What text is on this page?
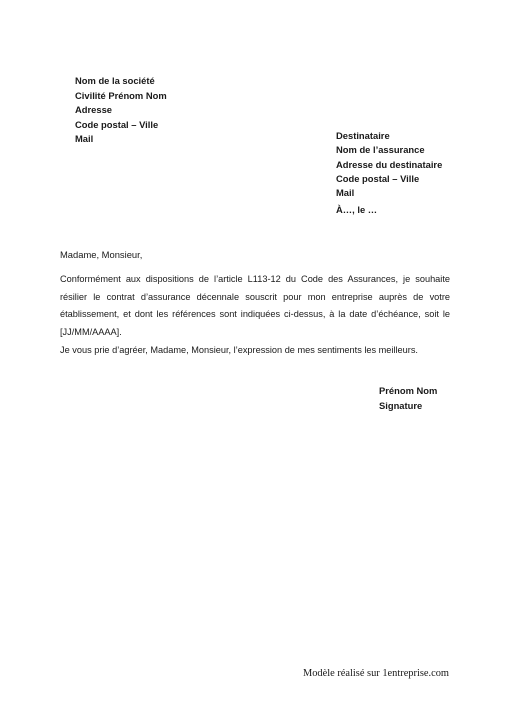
Nom de la société
Civilité Prénom Nom
Adresse
Code postal – Ville
Mail	Destinataire
Nom de l’assurance
Adresse du destinataire
Code postal – Ville
Mail
À…, le …
Madame, Monsieur,

Conformément aux dispositions de l’article L113-12 du Code des Assurances, je souhaite résilier le contrat d’assurance décennale souscrit pour mon entreprise auprès de votre établissement, et dont les références sont indiquées ci-dessus, à la date d’échéance, soit le [JJ/MM/AAAA].

Je vous prie d’agréer, Madame, Monsieur, l’expression de mes sentiments les meilleurs.

Prénom Nom
Signature
Modèle réalisé sur 1entreprise.com
